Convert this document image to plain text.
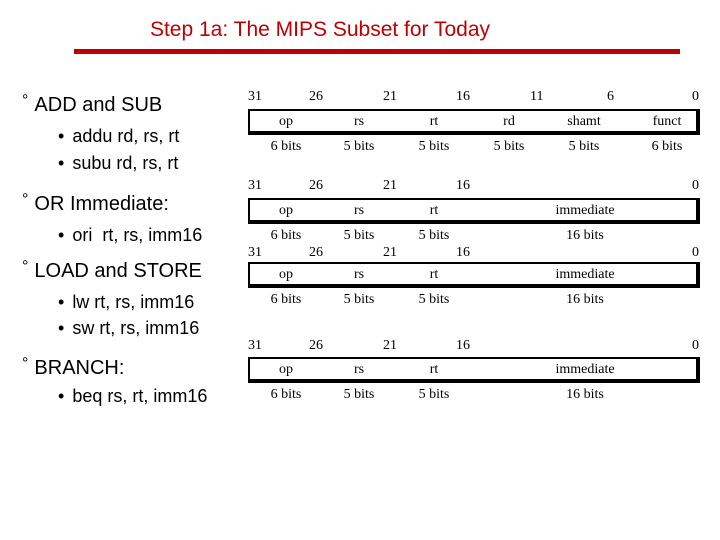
Step 1a: The MIPS Subset for Today
° ADD and SUB
• addu rd, rs, rt
• subu rd, rs, rt
° OR Immediate:
• ori  rt, rs, imm16
° LOAD and STORE
• lw rt, rs, imm16
• sw rt, rs, imm16
° BRANCH:
• beq rs, rt, imm16
31	26	21	16	11	6	0
op	rs	rt	rd	shamt	funct
6 bits	5 bits	5 bits	5 bits	5 bits	6 bits
31	26	21	16	0
op	rs	rt	immediate
6 bits	5 bits	5 bits	16 bits
31	26	21	16	0
op	rs	rt	immediate
6 bits	5 bits	5 bits	16 bits
31	26	21	16	0
op	rs	rt	immediate
6 bits	5 bits	5 bits	16 bits
